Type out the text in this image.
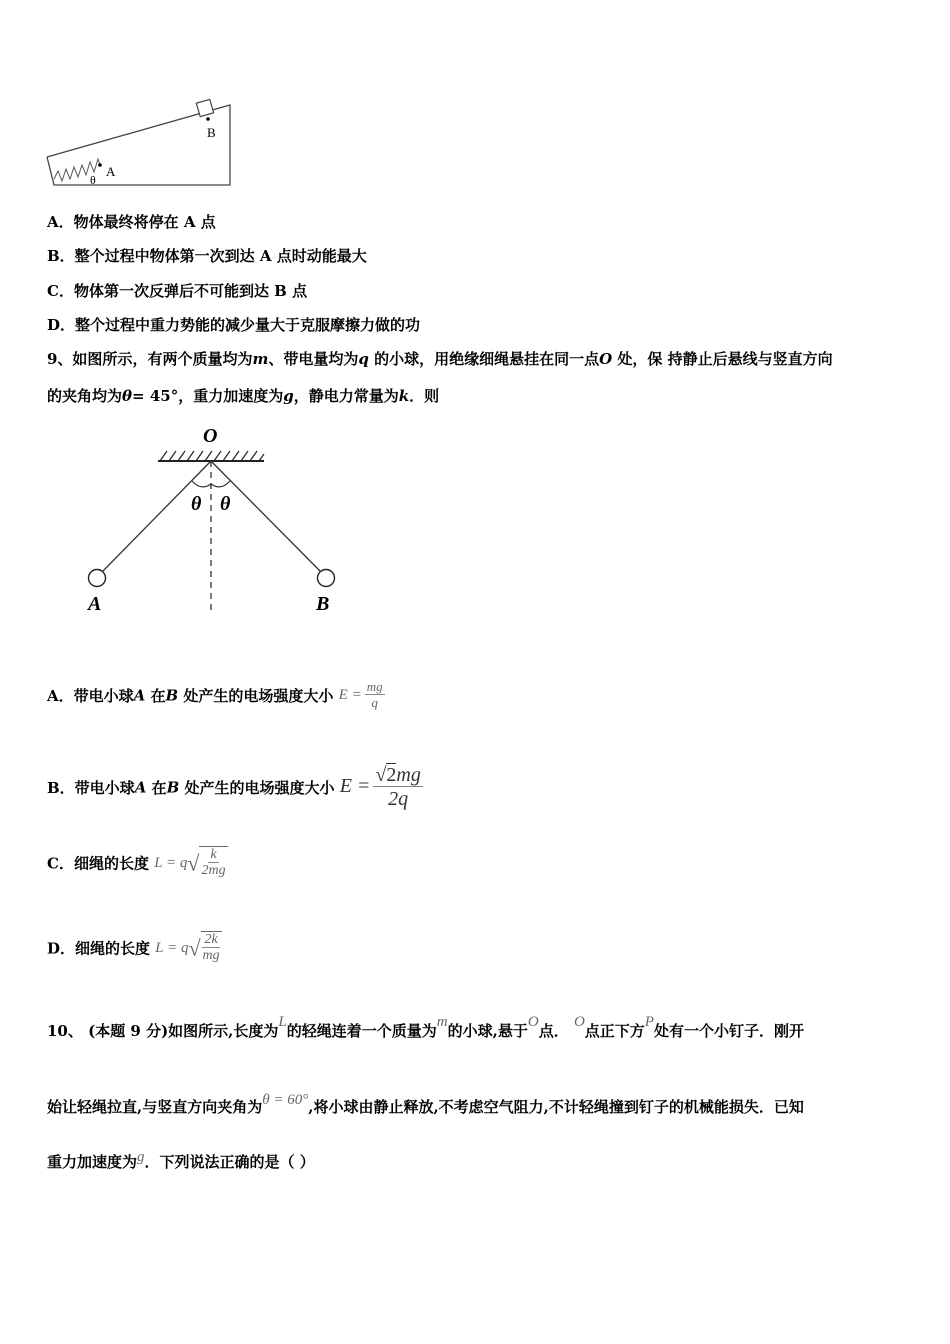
A
B
θ
A．物体最终将停在 A 点
B．整个过程中物体第一次到达 A 点时动能最大
C．物体第一次反弹后不可能到达 B 点
D．整个过程中重力势能的减少量大于克服摩擦力做的功
9、如图所示，有两个质量均为m、带电量均为q 的小球，用绝缘细绳悬挂在同一点O 处，保 持静止后悬线与竖直方向
的夹角均为θ= 45°，重力加速度为g，静电力常量为k．则
O
θ θ
A	B
A．带电小球A 在B 处产生的电场强度大小 $E = \frac{mg}{q}$
B．带电小球A 在B 处产生的电场强度大小 $E = \frac{√2mg}{2q}$
C．细绳的长度 $L = q√ \frac{k}{2mg}$
D．细绳的长度 $L = q√ \frac{2k}{mg}$
10、 (本题 9 分)如图所示,长度为L的轻绳连着一个质量为m的小球,悬于O点． O点正下方P处有一个小钉子．刚开
始让轻绳拉直,与竖直方向夹角为θ = 60°,将小球由静止释放,不考虑空气阻力,不计轻绳撞到钉子的机械能损失．已知
重力加速度为g．下列说法正确的是（ ）
